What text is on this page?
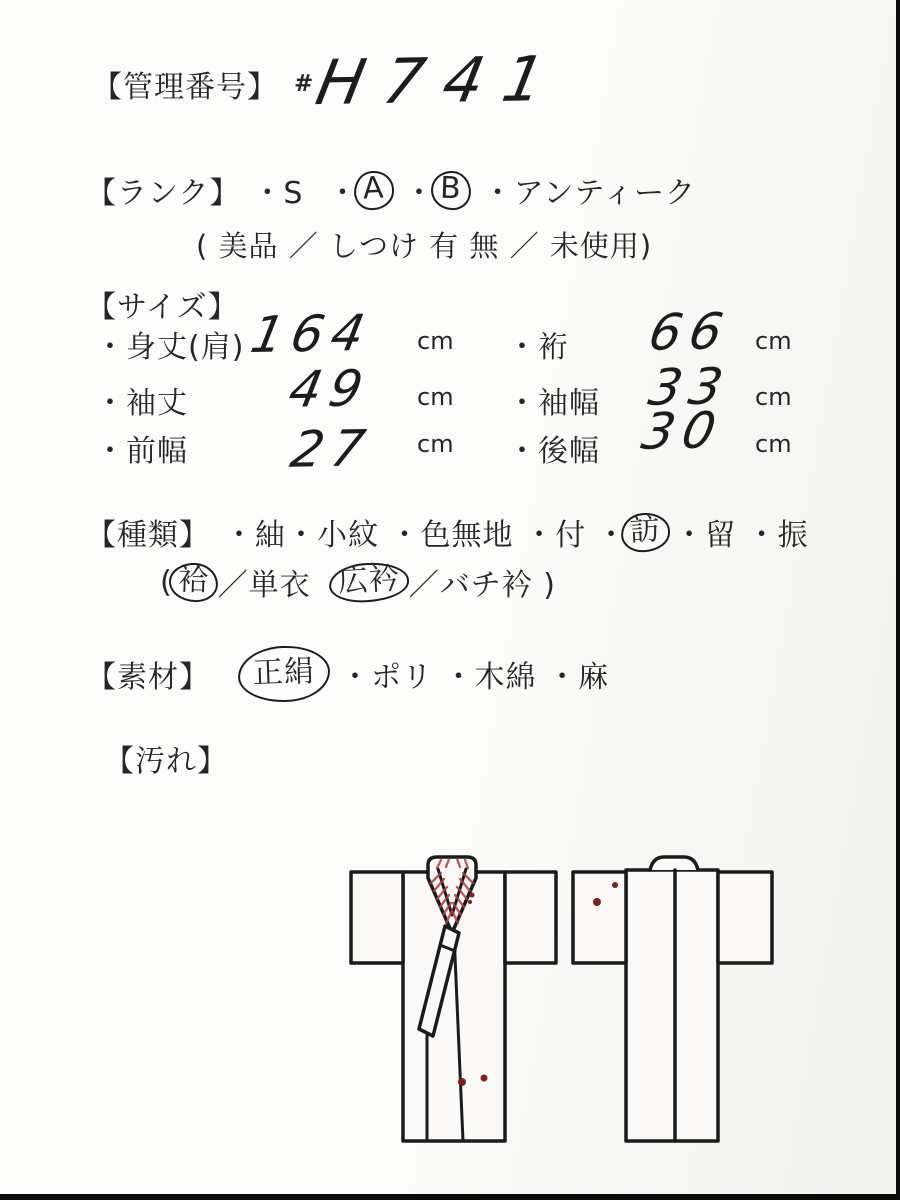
【管理番号】 #
H741
【ランク】 ・S ・ A ・ B ・アンティーク
( 美品 ／ しつけ 有 無 ／ 未使用)
【サイズ】
・身丈(肩) 164 cm ・裄 66 cm
・袖丈 49 cm ・袖幅 33 cm
・前幅 27 cm ・後幅 30 cm
【種類】 ・紬・小紋 ・色無地 ・付 ・ 訪 ・留 ・振
( 袷 ／単衣 広衿 ／バチ衿 )
【素材】	正絹 ・ポリ ・木綿 ・麻
【汚れ】
